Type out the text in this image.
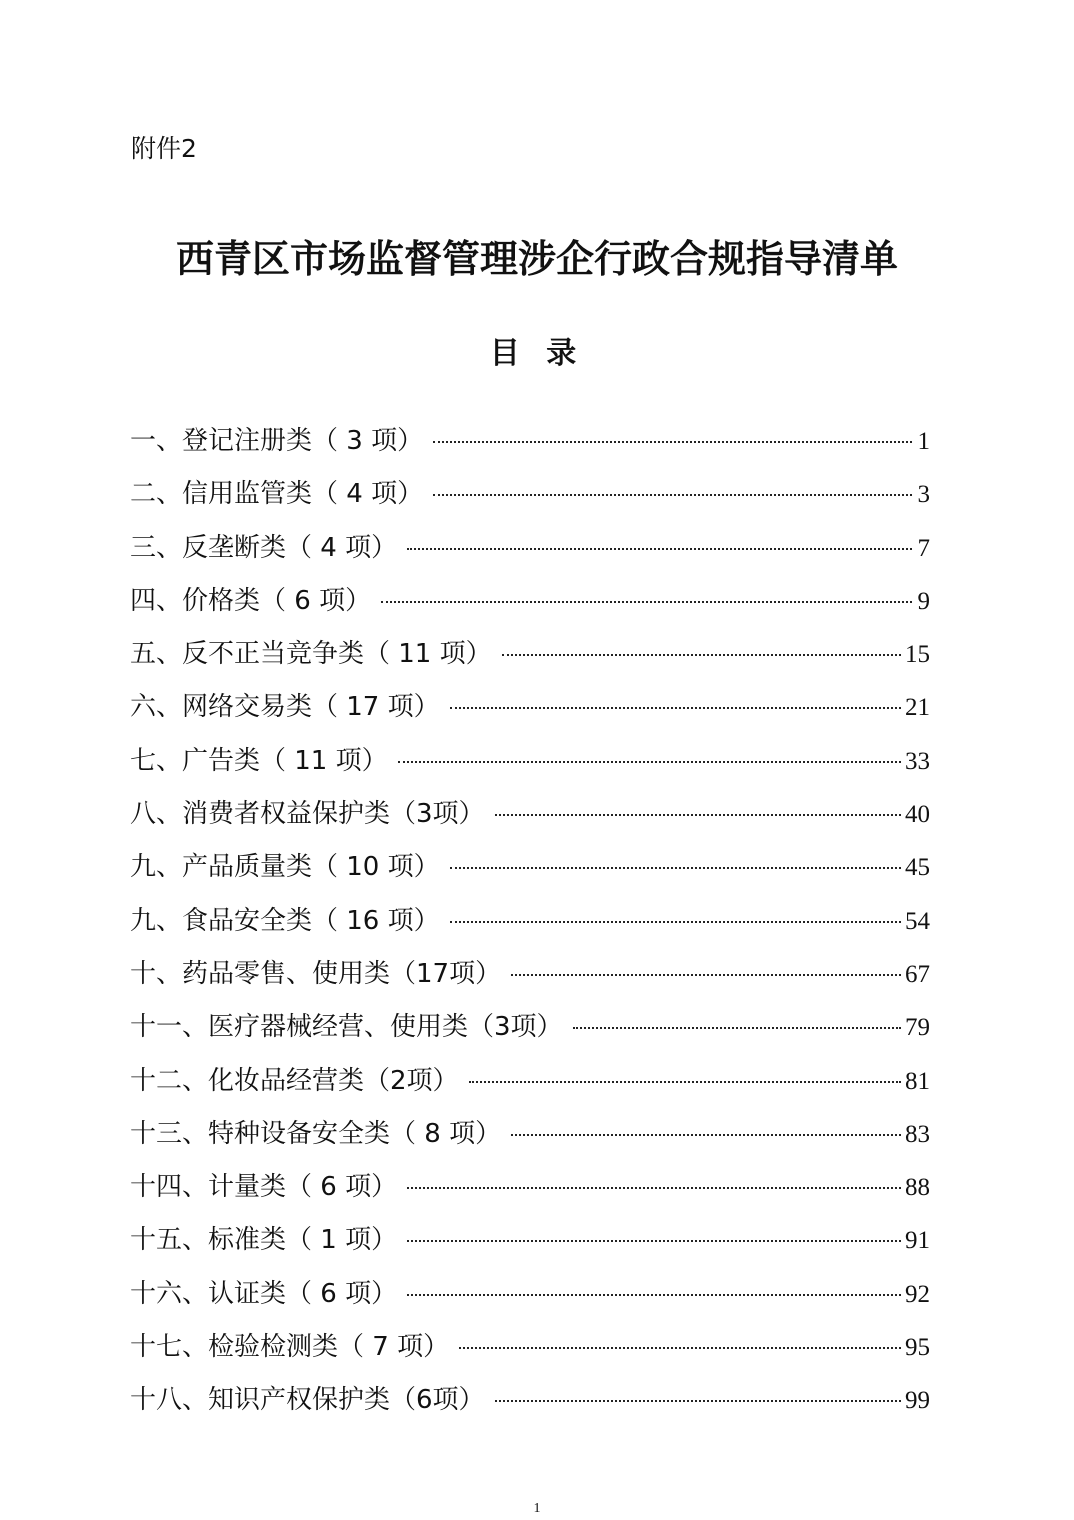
附件2
西青区市场监督管理涉企行政合规指导清单
目 录
一、登记注册类（ 3 项）	1
二、信用监管类（ 4 项）	3
三、反垄断类（ 4 项）	7
四、价格类（ 6 项）	9
五、反不正当竞争类（ 11 项）	15
六、网络交易类（ 17 项）	21
七、广告类（ 11 项）	33
八、消费者权益保护类（3项）	40
九、产品质量类（ 10 项）	45
九、食品安全类（ 16 项）	54
十、药品零售、使用类（17项）	67
十一、医疗器械经营、使用类（3项）	79
十二、化妆品经营类（2项）	81
十三、特种设备安全类（ 8 项）	83
十四、计量类（ 6 项）	88
十五、标准类（ 1 项）	91
十六、认证类（ 6 项）	92
十七、检验检测类（ 7 项）	95
十八、知识产权保护类（6项）	99
1
